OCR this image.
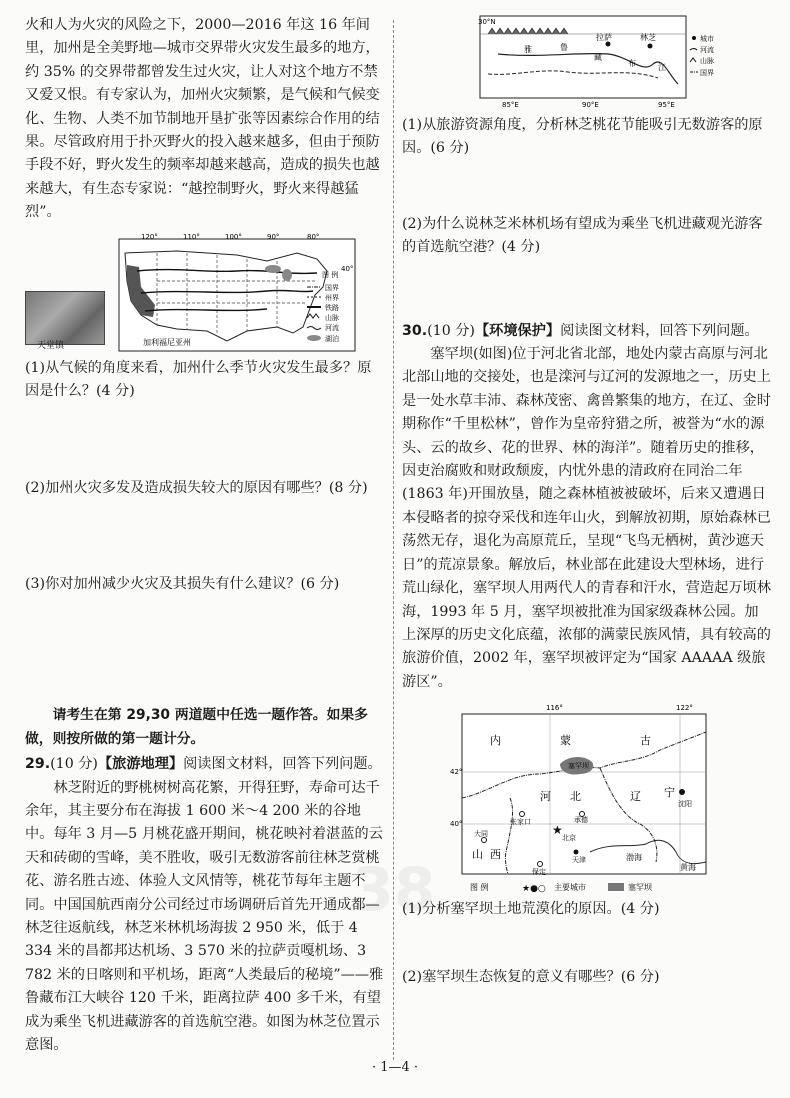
火和人为火灾的风险之下，2000—2016 年这 16 年间里，加州是全美野地—城市交界带火灾发生最多的地方，约 35% 的交界带都曾发生过火灾，让人对这个地方不禁又爱又恨。有专家认为，加州火灾频繁，是气候和气候变化、生物、人类不加节制地开垦扩张等因素综合作用的结果。尽管政府用于扑灭野火的投入越来越多，但由于预防手段不好，野火发生的频率却越来越高，造成的损失也越来越大，有生态专家说：“越控制野火，野火来得越猛烈”。

天堂镇
120°	110°	100°	90°	80°
40°
加利福尼亚州
图 例
国界
州界
铁路
山脉
河流
湖泊

(1)从气候的角度来看，加州什么季节火灾发生最多？原因是什么？(4 分)

(2)加州火灾多发及造成损失较大的原因有哪些？(8 分)

(3)你对加州减少火灾及其损失有什么建议？(6 分)

请考生在第 29,30 两道题中任选一题作答。如果多做，则按所做的第一题计分。

29.(10 分)【旅游地理】阅读图文材料，回答下列问题。

林芝附近的野桃树树高花繁，开得狂野，寿命可达千余年，其主要分布在海拔 1 600 米～4 200 米的谷地中。每年 3 月—5 月桃花盛开期间，桃花映衬着湛蓝的云天和砖砌的雪峰，美不胜收，吸引无数游客前往林芝赏桃花、游名胜古迹、体验人文风情等，桃花节每年主题不同。中国国航西南分公司经过市场调研后首先开通成都—林芝往返航线，林芝米林机场海拔 2 950 米，低于 4 334 米的昌都邦达机场、3 570 米的拉萨贡嘎机场、3 782 米的日喀则和平机场，距离“人类最后的秘境”——雅鲁藏布江大峡谷 120 千米，距离拉萨 400 多千米，有望成为乘坐飞机进藏游客的首选航空港。如图为林芝位置示意图。

30°N
拉萨	林芝
雅	鲁
藏
布	江
85°E	90°E	95°E
城市
河流
山脉
国界

(1)从旅游资源角度，分析林芝桃花节能吸引无数游客的原因。(6 分)

(2)为什么说林芝米林机场有望成为乘坐飞机进藏观光游客的首选航空港？(4 分)

30.(10 分)【环境保护】阅读图文材料，回答下列问题。

塞罕坝(如图)位于河北省北部，地处内蒙古高原与河北北部山地的交接处，也是滦河与辽河的发源地之一，历史上是一处水草丰沛、森林茂密、禽兽繁集的地方，在辽、金时期称作“千里松林”，曾作为皇帝狩猎之所，被誉为“水的源头、云的故乡、花的世界、林的海洋”。随着历史的推移，因吏治腐败和财政颓废，内忧外患的清政府在同治二年(1863 年)开围放垦，随之森林植被被破坏，后来又遭遇日本侵略者的掠夺采伐和连年山火，到解放初期，原始森林已荡然无存，退化为高原荒丘，呈现“飞鸟无栖树，黄沙遮天日”的荒凉景象。解放后，林业部在此建设大型林场，进行荒山绿化，塞罕坝人用两代人的青春和汗水，营造起万顷林海，1993 年 5 月，塞罕坝被批准为国家级森林公园。加上深厚的历史文化底蕴，浓郁的满蒙民族风情，具有较高的旅游价值，2002 年，塞罕坝被评定为“国家 AAAAA 级旅游区”。

116°	122°
42°
40°
内	蒙	古
河 北	辽 宁
山 西
塞罕坝
沈阳
张家口	承德
★
北京
天津
大同
保定
渤海
黄海
图 例	★●○ 主要城市	塞罕坝

(1)分析塞罕坝土地荒漠化的原因。(4 分)

(2)塞罕坝生态恢复的意义有哪些？(6 分)

38
· 1—4 ·
